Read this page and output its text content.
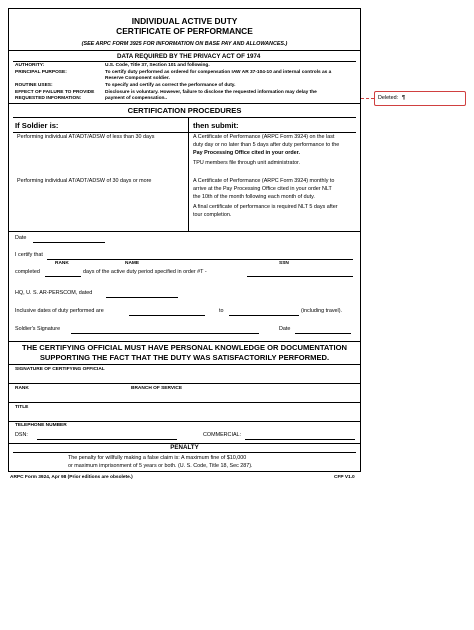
INDIVIDUAL ACTIVE DUTY
CERTIFICATE OF PERFORMANCE
(SEE ARPC FORM 3925 FOR INFORMATION ON BASE PAY AND ALLOWANCES.)
DATA REQUIRED BY THE PRIVACY ACT OF 1974
AUTHORITY:	U.S. Code, Title 37, Section 101 and following.
PRINCIPAL PURPOSE:	To certify duty performed as ordered for compensation IAW AR 37-104-10 and internal controls as a
Reserve Component soldier.
ROUTINE USES:	To specify and certify as correct the performance of duty.
EFFECT OF FAILURE TO PROVIDE
REQUESTED INFORMATION:
Disclosure is voluntary. However, failure to disclose the requested information may delay the
payment of compensation..
CERTIFICATION PROCEDURES
If Soldier is:	then submit:
Performing individual AT/ADT/ADSW of less than 30 days	A Certificate of Performance (ARPC Form 3924) on the last
duty day or no later than 5 days after duty performance to the
Pay Processing Office cited in your order.
TPU members file through unit administrator.
Performing individual AT/ADT/ADSW of 30 days or more	A Certificate of Performance (ARPC Form 3924) monthly to
arrive at the Pay Processing Office cited in your order NLT
the 10th of the month following each month of duty.
A final certificate of performance is required NLT 5 days after
tour completion.
Date
I certify that
RANK	NAME	SSN
completed	days of the active duty period specified in order #T -
HQ, U. S. AR-PERSCOM, dated
Inclusive dates of duty performed are	to	(including travel).
Soldier's Signature	Date
THE CERTIFYING OFFICIAL MUST HAVE PERSONAL KNOWLEDGE OR DOCUMENTATION
SUPPORTING THE FACT THAT THE DUTY WAS SATISFACTORILY PERFORMED.
SIGNATURE OF CERTIFYING OFFICIAL
RANK	BRANCH OF SERVICE
TITLE
TELEPHONE NUMBER
DSN:	COMMERCIAL:
PENALTY
The penalty for willfully making a false claim is: A maximum fine of $10,000
or maximum imprisonment of 5 years or both. (U. S. Code, Title 18, Sec 287).
ARPC Form 3924, Apr 98 (Prior editions are obsolete.)	CFP V1.0
Deleted: ¶
